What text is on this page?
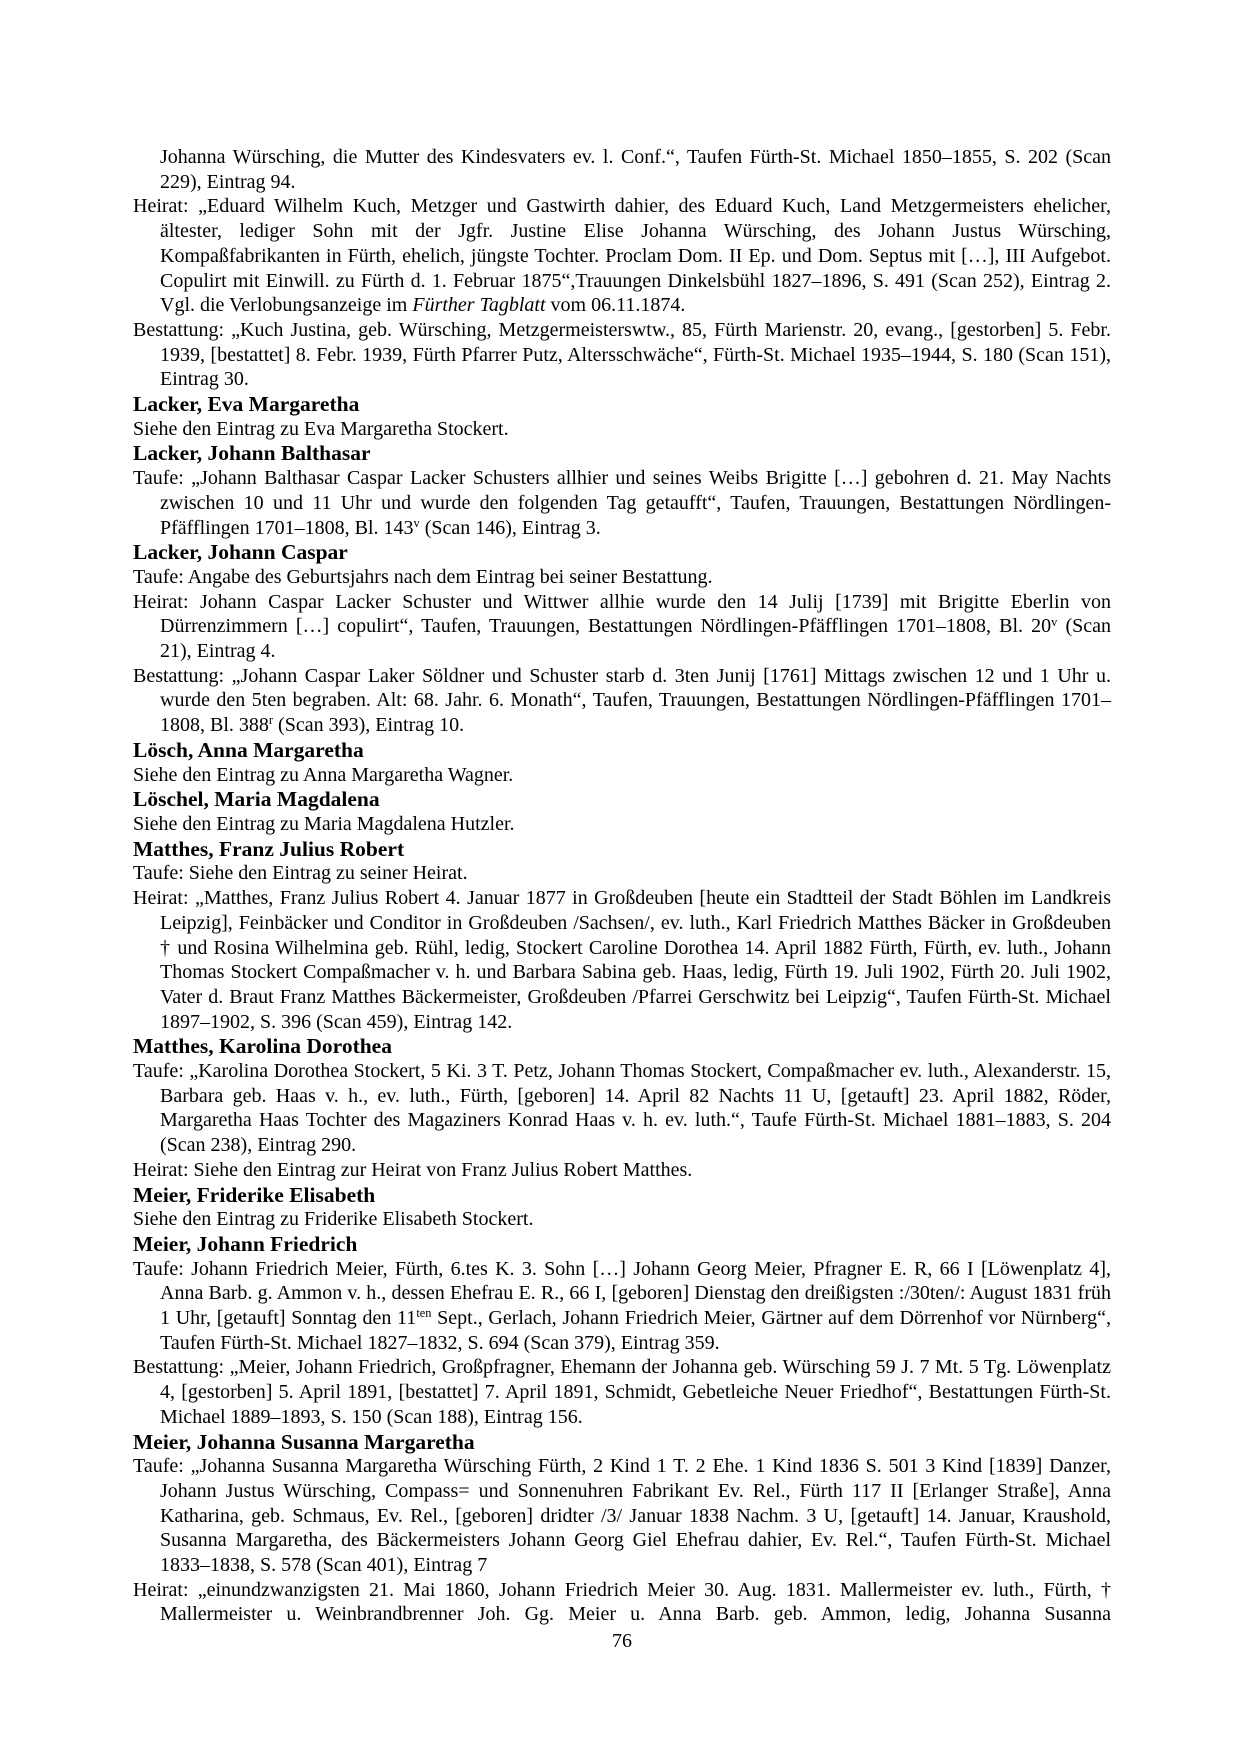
Johanna Würsching, die Mutter des Kindesvaters ev. l. Conf.“, Taufen Fürth-St. Michael 1850–1855, S. 202 (Scan 229), Eintrag 94.

Heirat: „Eduard Wilhelm Kuch, Metzger und Gastwirth dahier, des Eduard Kuch, Land Metzgermeisters ehelicher, ältester, lediger Sohn mit der Jgfr. Justine Elise Johanna Würsching, des Johann Justus Würsching, Kompaßfabrikanten in Fürth, ehelich, jüngste Tochter. Proclam Dom. II Ep. und Dom. Septus mit […], III Aufgebot. Copulirt mit Einwill. zu Fürth d. 1. Februar 1875“,Trauungen Dinkelsbühl 1827–1896, S. 491 (Scan 252), Eintrag 2. Vgl. die Verlobungsanzeige im Fürther Tagblatt vom 06.11.1874.

Bestattung: „Kuch Justina, geb. Würsching, Metzgermeisterswtw., 85, Fürth Marienstr. 20, evang., [gestorben] 5. Febr. 1939, [bestattet] 8. Febr. 1939, Fürth Pfarrer Putz, Altersschwäche“, Fürth-St. Michael 1935–1944, S. 180 (Scan 151), Eintrag 30.

Lacker, Eva Margaretha

Siehe den Eintrag zu Eva Margaretha Stockert.

Lacker, Johann Balthasar

Taufe: „Johann Balthasar Caspar Lacker Schusters allhier und seines Weibs Brigitte […] gebohren d. 21. May Nachts zwischen 10 und 11 Uhr und wurde den folgenden Tag getaufft“, Taufen, Trauungen, Bestattungen Nördlingen-Pfäfflingen 1701–1808, Bl. 143$^v$ (Scan 146), Eintrag 3.

Lacker, Johann Caspar

Taufe: Angabe des Geburtsjahrs nach dem Eintrag bei seiner Bestattung.

Heirat: Johann Caspar Lacker Schuster und Wittwer allhie wurde den 14 Julij [1739] mit Brigitte Eberlin von Dürrenzimmern […] copulirt“, Taufen, Trauungen, Bestattungen Nördlingen-Pfäfflingen 1701–1808, Bl. 20$^v$ (Scan 21), Eintrag 4.

Bestattung: „Johann Caspar Laker Söldner und Schuster starb d. 3ten Junij [1761] Mittags zwischen 12 und 1 Uhr u. wurde den 5ten begraben. Alt: 68. Jahr. 6. Monath“, Taufen, Trauungen, Bestattungen Nördlingen-Pfäfflingen 1701–1808, Bl. 388$^r$ (Scan 393), Eintrag 10.

Lösch, Anna Margaretha

Siehe den Eintrag zu Anna Margaretha Wagner.

Löschel, Maria Magdalena

Siehe den Eintrag zu Maria Magdalena Hutzler.

Matthes, Franz Julius Robert

Taufe: Siehe den Eintrag zu seiner Heirat.

Heirat: „Matthes, Franz Julius Robert 4. Januar 1877 in Großdeuben [heute ein Stadtteil der Stadt Böhlen im Landkreis Leipzig], Feinbäcker und Conditor in Großdeuben /Sachsen/, ev. luth., Karl Friedrich Matthes Bäcker in Großdeuben † und Rosina Wilhelmina geb. Rühl, ledig, Stockert Caroline Dorothea 14. April 1882 Fürth, Fürth, ev. luth., Johann Thomas Stockert Compaßmacher v. h. und Barbara Sabina geb. Haas, ledig, Fürth 19. Juli 1902, Fürth 20. Juli 1902, Vater d. Braut Franz Matthes Bäckermeister, Großdeuben /Pfarrei Gerschwitz bei Leipzig“, Taufen Fürth-St. Michael 1897–1902, S. 396 (Scan 459), Eintrag 142.

Matthes, Karolina Dorothea

Taufe: „Karolina Dorothea Stockert, 5 Ki. 3 T. Petz, Johann Thomas Stockert, Compaßmacher ev. luth., Alexanderstr. 15, Barbara geb. Haas v. h., ev. luth., Fürth, [geboren] 14. April 82 Nachts 11 U, [getauft] 23. April 1882, Röder, Margaretha Haas Tochter des Magaziners Konrad Haas v. h. ev. luth.“, Taufe Fürth-St. Michael 1881–1883, S. 204 (Scan 238), Eintrag 290.

Heirat: Siehe den Eintrag zur Heirat von Franz Julius Robert Matthes.

Meier, Friderike Elisabeth

Siehe den Eintrag zu Friderike Elisabeth Stockert.

Meier, Johann Friedrich

Taufe: Johann Friedrich Meier, Fürth, 6.tes K. 3. Sohn […] Johann Georg Meier, Pfragner E. R, 66 I [Löwenplatz 4], Anna Barb. g. Ammon v. h., dessen Ehefrau E. R., 66 I, [geboren] Dienstag den dreißigsten :/30ten/: August 1831 früh 1 Uhr, [getauft] Sonntag den $11^{ten}$ Sept., Gerlach, Johann Friedrich Meier, Gärtner auf dem Dörrenhof vor Nürnberg“, Taufen Fürth-St. Michael 1827–1832, S. 694 (Scan 379), Eintrag 359.

Bestattung: „Meier, Johann Friedrich, Großpfragner, Ehemann der Johanna geb. Würsching 59 J. 7 Mt. 5 Tg. Löwenplatz 4, [gestorben] 5. April 1891, [bestattet] 7. April 1891, Schmidt, Gebetleiche Neuer Friedhof“, Bestattungen Fürth-St. Michael 1889–1893, S. 150 (Scan 188), Eintrag 156.

Meier, Johanna Susanna Margaretha

Taufe: „Johanna Susanna Margaretha Würsching Fürth, 2 Kind 1 T. 2 Ehe. 1 Kind 1836 S. 501 3 Kind [1839] Danzer, Johann Justus Würsching, Compass= und Sonnenuhren Fabrikant Ev. Rel., Fürth 117 II [Erlanger Straße], Anna Katharina, geb. Schmaus, Ev. Rel., [geboren] dridter /3/ Januar 1838 Nachm. 3 U, [getauft] 14. Januar, Kraushold, Susanna Margaretha, des Bäckermeisters Johann Georg Giel Ehefrau dahier, Ev. Rel.“, Taufen Fürth-St. Michael 1833–1838, S. 578 (Scan 401), Eintrag 7

Heirat: „einundzwanzigsten 21. Mai 1860, Johann Friedrich Meier 30. Aug. 1831. Mallermeister ev. luth., Fürth, † Mallermeister u. Weinbrandbrenner Joh. Gg. Meier u. Anna Barb. geb. Ammon, ledig, Johanna Susanna

76
